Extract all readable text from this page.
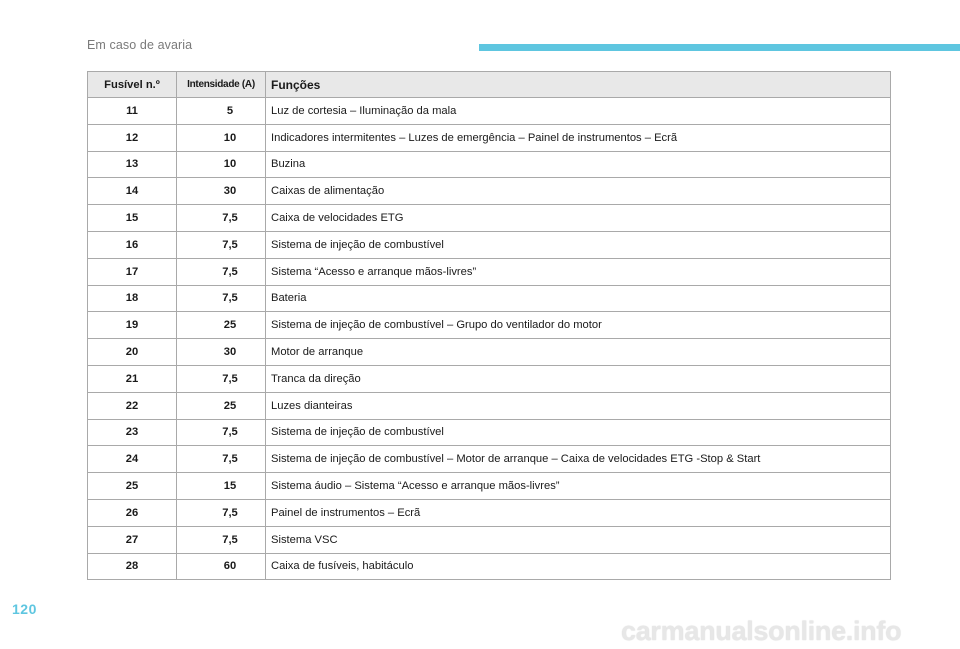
Em caso de avaria
Fusível n.º	Intensidade (A)	Funções
11	5	Luz de cortesia – Iluminação da mala
12	10	Indicadores intermitentes – Luzes de emergência – Painel de instrumentos – Ecrã
13	10	Buzina
14	30	Caixas de alimentação
15	7,5	Caixa de velocidades ETG
16	7,5	Sistema de injeção de combustível
17	7,5	Sistema “Acesso e arranque mãos-livres”
18	7,5	Bateria
19	25	Sistema de injeção de combustível – Grupo do ventilador do motor
20	30	Motor de arranque
21	7,5	Tranca da direção
22	25	Luzes dianteiras
23	7,5	Sistema de injeção de combustível
24	7,5	Sistema de injeção de combustível – Motor de arranque – Caixa de velocidades ETG -Stop & Start
25	15	Sistema áudio – Sistema “Acesso e arranque mãos-livres”
26	7,5	Painel de instrumentos – Ecrã
27	7,5	Sistema VSC
28	60	Caixa de fusíveis, habitáculo
120
carmanualsonline.info
